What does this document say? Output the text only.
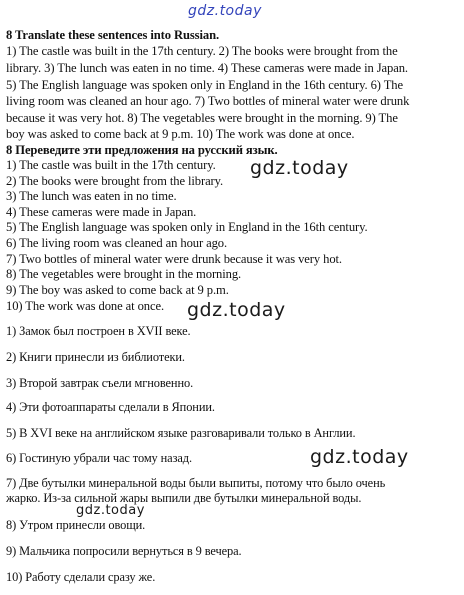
gdz.today
8 Translate these sentences into Russian.
1) The castle was built in the 17th century. 2) The books were brought from the
library. 3) The lunch was eaten in no time. 4) These cameras were made in Japan.
5) The English language was spoken only in England in the 16th century. 6) The
living room was cleaned an hour ago. 7) Two bottles of mineral water were drunk
because it was very hot. 8) The vegetables were brought in the morning. 9) The
boy was asked to come back at 9 p.m. 10) The work was done at once.
8 Переведите эти предложения на русский язык.
1) The castle was built in the 17th century. gdz.today
2) The books were brought from the library.
3) The lunch was eaten in no time.
4) These cameras were made in Japan.
5) The English language was spoken only in England in the 16th century.
6) The living room was cleaned an hour ago.
7) Two bottles of mineral water were drunk because it was very hot.
8) The vegetables were brought in the morning.
9) The boy was asked to come back at 9 p.m.
10) The work was done at once. gdz.today
1) Замок был построен в XVII веке.
2) Книги принесли из библиотеки.
3) Второй завтрак съели мгновенно.
4) Эти фотоаппараты сделали в Японии.
5) В XVI веке на английском языке разговаривали только в Англии.
6) Гостиную убрали час тому назад.	gdz.today
7) Две бутылки минеральной воды были выпиты, потому что было очень
жарко. Из-за сильной жары выпили две бутылки минеральной воды.
gdz.today
8) Утром принесли овощи.
9) Мальчика попросили вернуться в 9 вечера.
10) Работу сделали сразу же.
